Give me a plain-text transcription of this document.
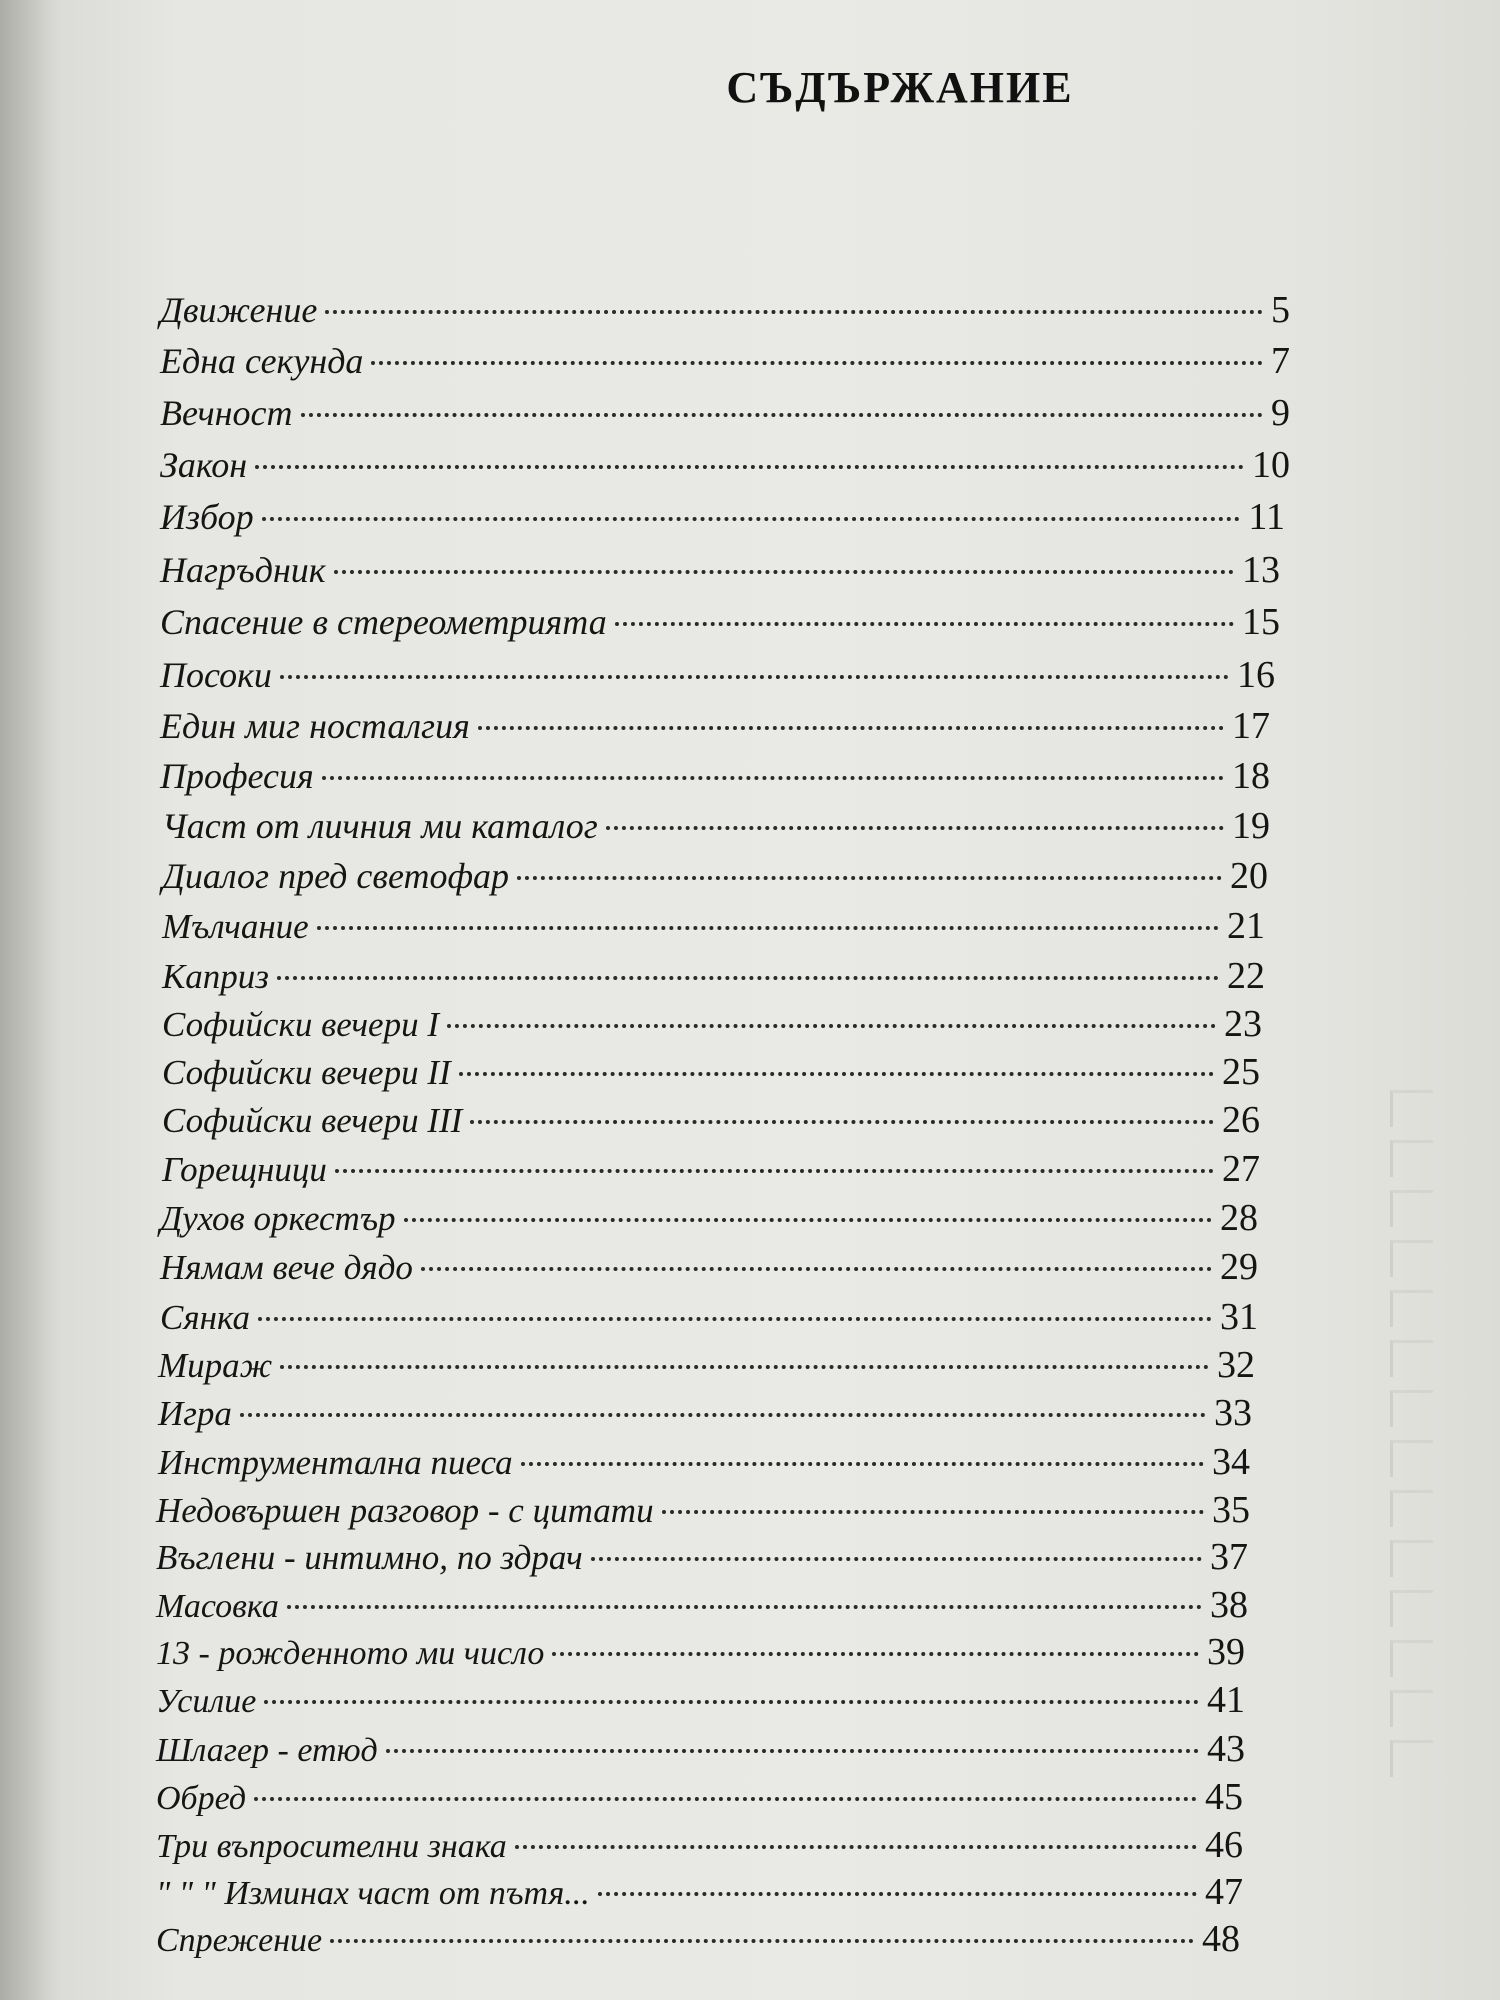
СЪДЪРЖАНИЕ
Движение	5
Една секунда	7
Вечност	9
Закон	10
Избор	11
Нагръдник	13
Спасение в стереометрията	15
Посоки	16
Един миг носталгия	17
Професия	18
Част от личния ми каталог	19
Диалог пред светофар	20
Мълчание	21
Каприз	22
Софийски вечери I	23
Софийски вечери II	25
Софийски вечери III	26
Горещници	27
Духов оркестър	28
Нямам вече дядо	29
Сянка	31
Мираж	32
Игра	33
Инструментална пиеса	34
Недовършен разговор - с цитати	35
Въглени - интимно, по здрач	37
Масовка	38
13 - рожденното ми число	39
Усилие	41
Шлагер - етюд	43
Обред	45
Три въпросителни знака	46
" " " Изминах част от пътя...	47
Спрежение	48
